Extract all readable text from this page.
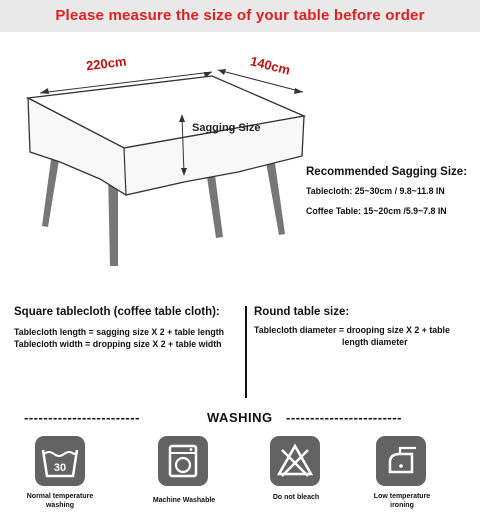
Please measure the size of your table before order
220cm	140cm
Sagging Size
Recommended Sagging Size:
Tablecloth: 25~30cm / 9.8~11.8 IN
Coffee Table: 15~20cm /5.9~7.8 IN
Square tablecloth (coffee table cloth):
Tablecloth length = sagging size X 2 + table length
Tablecloth width = dropping size X 2 + table width
Round table size:
Tablecloth diameter = drooping size X 2 + table
length diameter
------------------------	WASHING ------------------------
30
Normal temperature
washing
Machine Washable	Do not bleach	Low temperature
ironing
